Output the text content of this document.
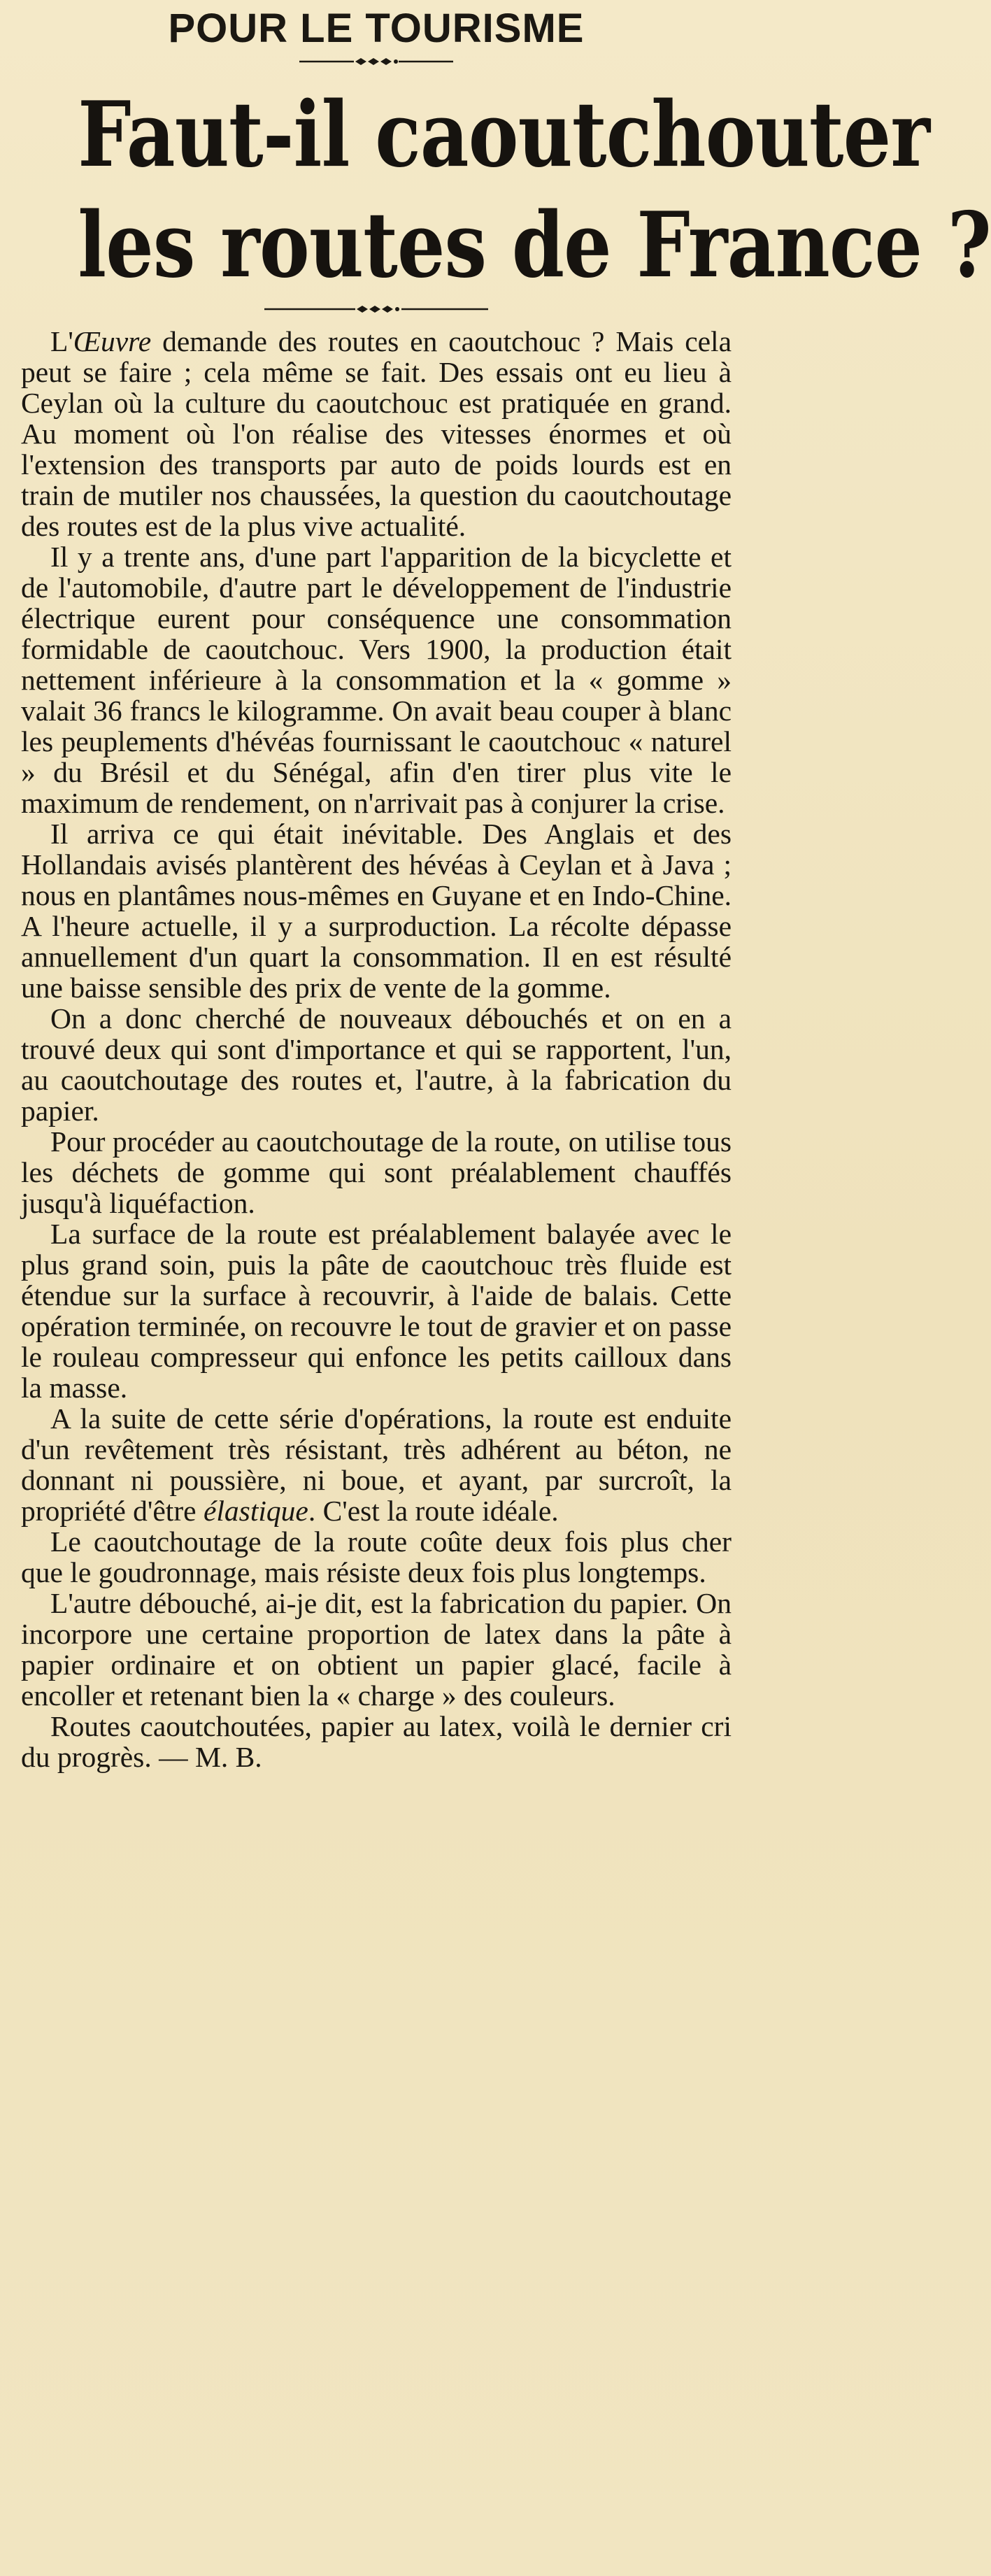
POUR LE TOURISME
Faut-il caoutchouter
les routes de France ?

L'Œuvre demande des routes en caoutchouc ? Mais cela peut se faire ; cela même se fait. Des essais ont eu lieu à Ceylan où la culture du caoutchouc est pratiquée en grand. Au moment où l'on réalise des vitesses énormes et où l'extension des transports par auto de poids lourds est en train de mutiler nos chaussées, la question du caoutchoutage des routes est de la plus vive actualité.

Il y a trente ans, d'une part l'apparition de la bicyclette et de l'automobile, d'autre part le développement de l'industrie électrique eurent pour conséquence une consommation formidable de caoutchouc. Vers 1900, la production était nettement inférieure à la consommation et la « gomme » valait 36 francs le kilogramme. On avait beau couper à blanc les peuplements d'hévéas fournissant le caoutchouc « naturel » du Brésil et du Sénégal, afin d'en tirer plus vite le maximum de rendement, on n'arrivait pas à conjurer la crise.

Il arriva ce qui était inévitable. Des Anglais et des Hollandais avisés plantèrent des hévéas à Ceylan et à Java ; nous en plantâmes nous-mêmes en Guyane et en Indo-Chine. A l'heure actuelle, il y a surproduction. La récolte dépasse annuellement d'un quart la consommation. Il en est résulté une baisse sensible des prix de vente de la gomme.

On a donc cherché de nouveaux débouchés et on en a trouvé deux qui sont d'importance et qui se rapportent, l'un, au caoutchoutage des routes et, l'autre, à la fabrication du papier.

Pour procéder au caoutchoutage de la route, on utilise tous les déchets de gomme qui sont préalablement chauffés jusqu'à liquéfaction.

La surface de la route est préalablement balayée avec le plus grand soin, puis la pâte de caoutchouc très fluide est étendue sur la surface à recouvrir, à l'aide de balais. Cette opération terminée, on recouvre le tout de gravier et on passe le rouleau compresseur qui enfonce les petits cailloux dans la masse.

A la suite de cette série d'opérations, la route est enduite d'un revêtement très résistant, très adhérent au béton, ne donnant ni poussière, ni boue, et ayant, par surcroît, la propriété d'être élastique. C'est la route idéale.

Le caoutchoutage de la route coûte deux fois plus cher que le goudronnage, mais résiste deux fois plus longtemps.

L'autre débouché, ai-je dit, est la fabrication du papier. On incorpore une certaine proportion de latex dans la pâte à papier ordinaire et on obtient un papier glacé, facile à encoller et retenant bien la « charge » des couleurs.

Routes caoutchoutées, papier au latex, voilà le dernier cri du progrès. — M. B.
